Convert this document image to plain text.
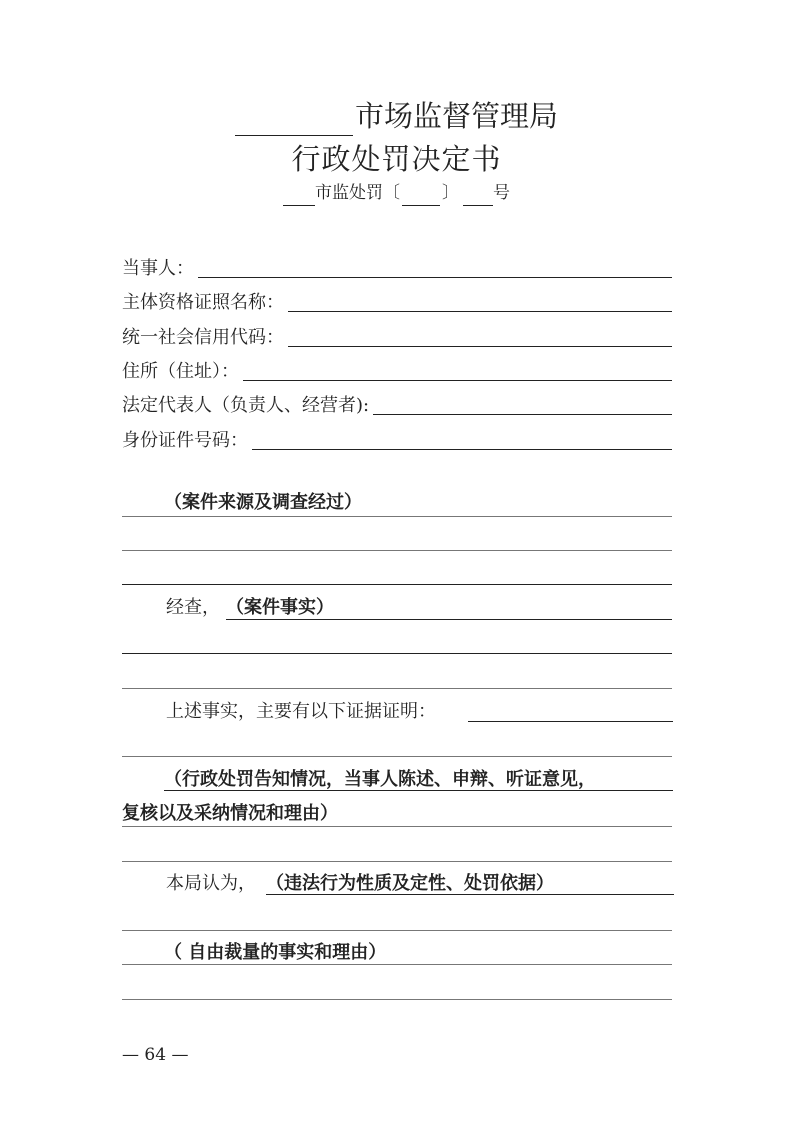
市场监督管理局
行政处罚决定书
市监处罚〔 〕 号
当事人：
主体资格证照名称：
统一社会信用代码：
住所（住址）：
法定代表人（负责人、经营者):
身份证件号码：
（案件来源及调查经过）
经查， （案件事实）
上述事实，主要有以下证据证明：
（行政处罚告知情况，当事人陈述、申辩、听证意见，
复核以及采纳情况和理由）
本局认为， （违法行为性质及定性、处罚依据）
（ 自由裁量的事实和理由）
— 64 —
